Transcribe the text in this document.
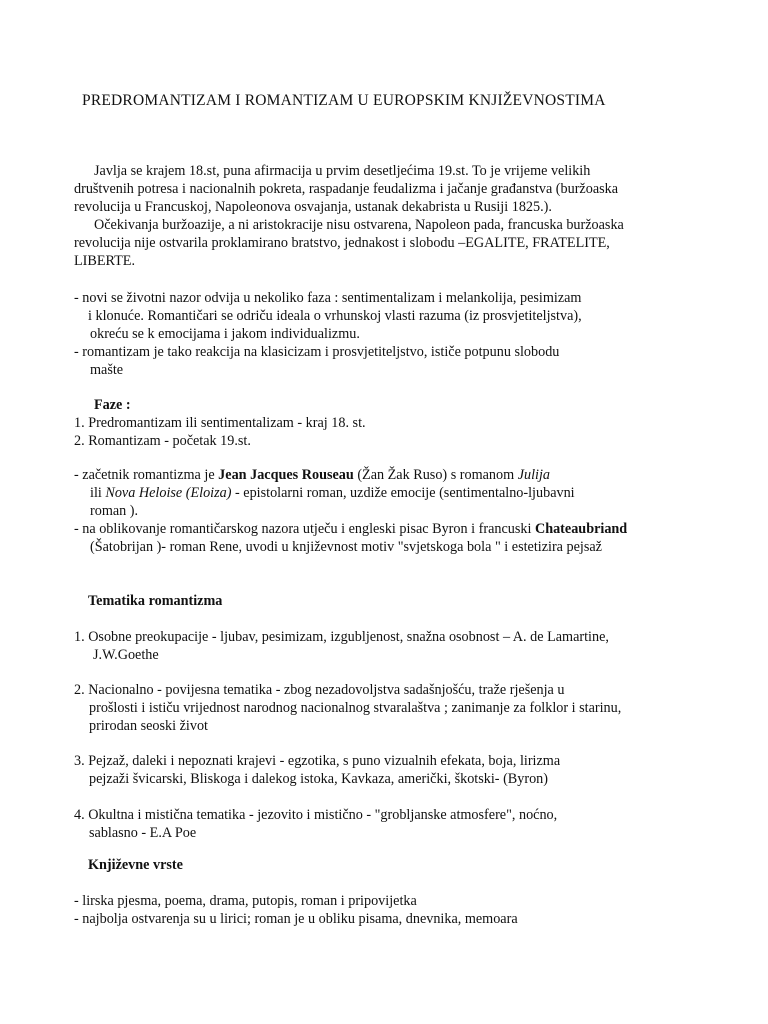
PREDROMANTIZAM I ROMANTIZAM U EUROPSKIM KNJIŽEVNOSTIMA
Javlja se krajem 18.st, puna afirmacija u prvim desetljećima 19.st. To je vrijeme velikih
društvenih potresa i nacionalnih pokreta, raspadanje feudalizma i jačanje građanstva (buržoaska
revolucija u Francuskoj, Napoleonova osvajanja, ustanak dekabrista u Rusiji 1825.).
Očekivanja buržoazije, a ni aristokracije nisu ostvarena, Napoleon pada, francuska buržoaska
revolucija nije ostvarila proklamirano bratstvo, jednakost i slobodu –EGALITE, FRATELITE,
LIBERTE.
- novi se životni nazor odvija u nekoliko faza : sentimentalizam i melankolija, pesimizam
i klonuće. Romantičari se odriču ideala o vrhunskoj vlasti razuma (iz prosvjetiteljstva),
okreću se k emocijama i jakom individualizmu.
- romantizam je tako reakcija na klasicizam i prosvjetiteljstvo, ističe potpunu slobodu
mašte
Faze :
1. Predromantizam ili sentimentalizam - kraj 18. st.
2. Romantizam - početak 19.st.
- začetnik romantizma je Jean Jacques Rouseau (Žan Žak Ruso) s romanom Julija
ili Nova Heloise (Eloiza) - epistolarni roman, uzdiže emocije (sentimentalno-ljubavni
roman ).
- na oblikovanje romantičarskog nazora utječu i engleski pisac Byron i francuski Chateaubriand
(Šatobrijan )- roman Rene, uvodi u književnost motiv "svjetskoga bola " i estetizira pejsaž
Tematika romantizma
1. Osobne preokupacije - ljubav, pesimizam, izgubljenost, snažna osobnost – A. de Lamartine,
J.W.Goethe
2. Nacionalno - povijesna tematika - zbog nezadovoljstva sadašnjošću, traže rješenja u
prošlosti i ističu vrijednost narodnog nacionalnog stvaralaštva ; zanimanje za folklor i starinu,
prirodan seoski život
3. Pejzaž, daleki i nepoznati krajevi - egzotika, s puno vizualnih efekata, boja, lirizma
pejzaži švicarski, Bliskoga i dalekog istoka, Kavkaza, američki, škotski- (Byron)
4. Okultna i mistična tematika - jezovito i mistično - "grobljanske atmosfere", noćno,
sablasno - E.A Poe
Književne vrste
- lirska pjesma, poema, drama, putopis, roman i pripovijetka
- najbolja ostvarenja su u lirici; roman je u obliku pisama, dnevnika, memoara
